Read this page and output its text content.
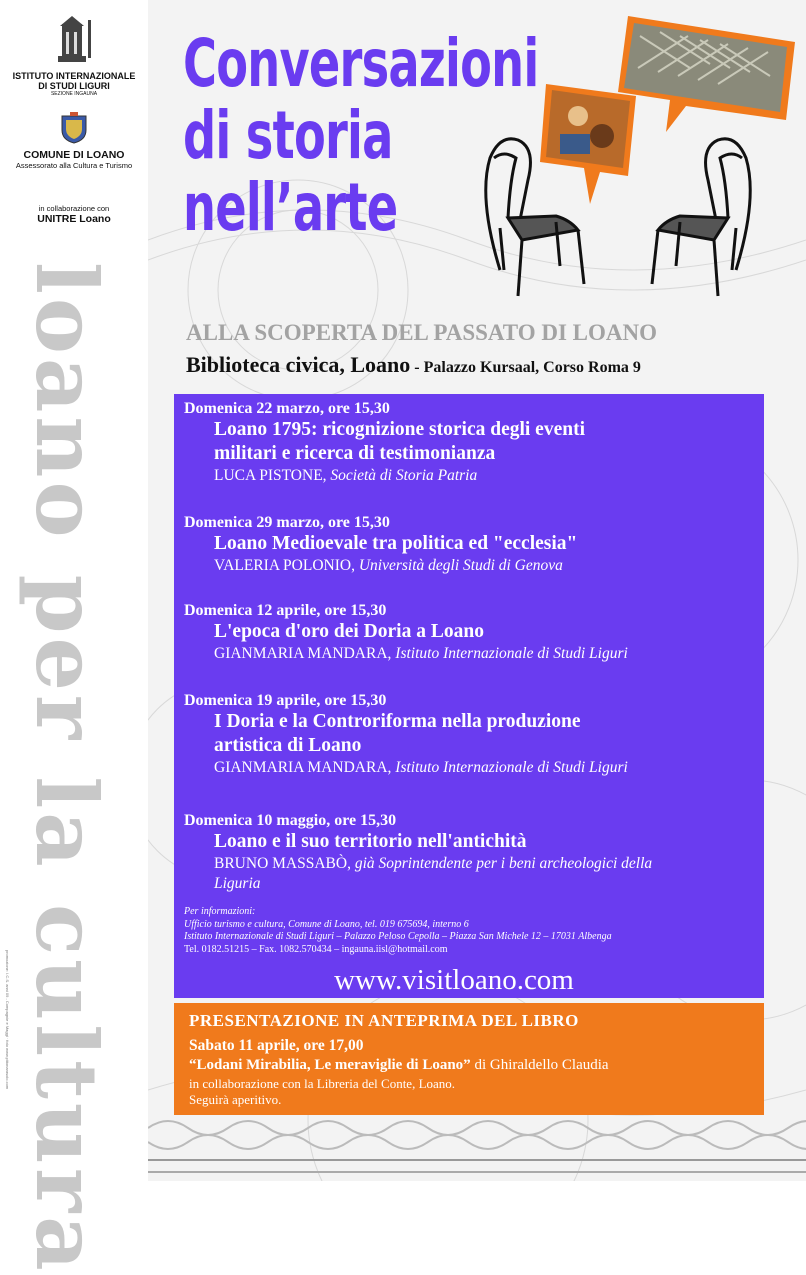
ISTITUTO INTERNAZIONALE
DI STUDI LIGURI
SEZIONE INGAUNA
COMUNE DI LOANO
Assessorato alla Cultura e Turismo
in collaborazione con
UNITRE Loano
loano per la cultura
promozione: I.C.S. anni 09 - Compagnie e Maggi · foto www.pittonarasolo.com
Conversazioni
di storia
nell’arte
ALLA SCOPERTA DEL PASSATO DI LOANO
Biblioteca civica, Loano - Palazzo Kursaal, Corso Roma 9
Domenica 22 marzo, ore 15,30
Loano 1795: ricognizione storica degli eventi
militari e ricerca di testimonianza
LUCA PISTONE, Società di Storia Patria
Domenica 29 marzo, ore 15,30
Loano Medioevale tra politica ed "ecclesia"
VALERIA POLONIO, Università degli Studi di Genova
Domenica 12 aprile, ore 15,30
L'epoca d'oro dei Doria a Loano
GIANMARIA MANDARA, Istituto Internazionale di Studi Liguri
Domenica 19 aprile, ore 15,30
I Doria e la Controriforma nella produzione
artistica di Loano
GIANMARIA MANDARA, Istituto Internazionale di Studi Liguri
Domenica 10 maggio, ore 15,30
Loano e il suo territorio nell'antichità
BRUNO MASSABÒ, già Soprintendente per i beni archeologici della
Liguria
Per informazioni:
Ufficio turismo e cultura, Comune di Loano, tel. 019 675694, interno 6
Istituto Internazionale di Studi Liguri – Palazzo Peloso Cepolla – Piazza San Michele 12 – 17031 Albenga
Tel. 0182.51215 – Fax. 1082.570434 – ingauna.iisl@hotmail.com
www.visitloano.com
PRESENTAZIONE IN ANTEPRIMA DEL LIBRO
Sabato 11 aprile, ore 17,00
“Lodani Mirabilia, Le meraviglie di Loano” di Ghiraldello Claudia
in collaborazione con la Libreria del Conte, Loano.
Seguirà aperitivo.
